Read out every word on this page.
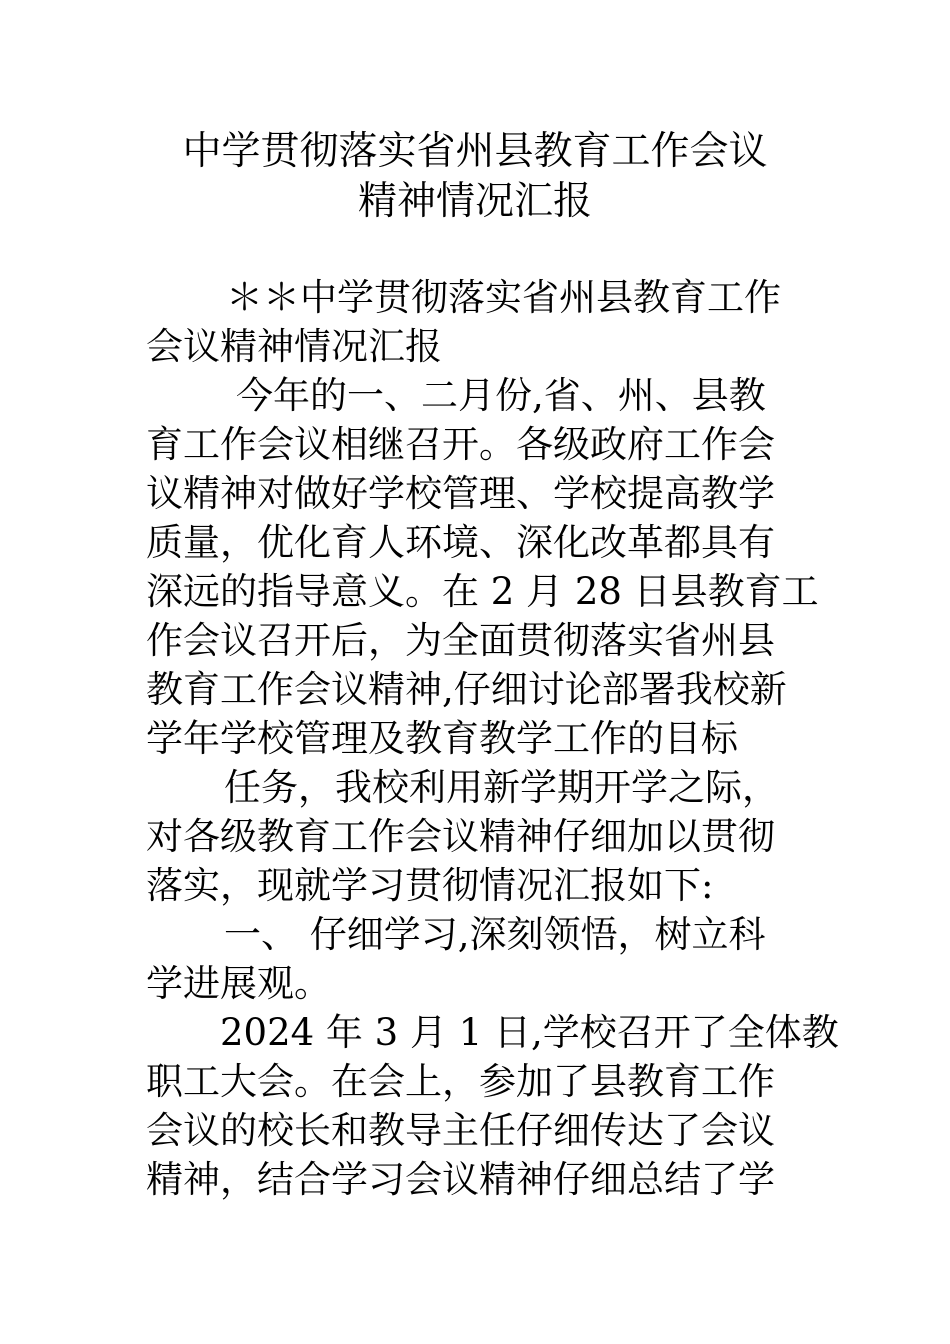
中学贯彻落实省州县教育工作会议
精神情况汇报

＊＊中学贯彻落实省州县教育工作
会议精神情况汇报

今年的一、二月份,省、州、县教
育工作会议相继召开。各级政府工作会
议精神对做好学校管理、学校提高教学
质量，优化育人环境、深化改革都具有
深远的指导意义。在 2 月 28 日县教育工
作会议召开后，为全面贯彻落实省州县
教育工作会议精神,仔细讨论部署我校新
学年学校管理及教育教学工作的目标

任务，我校利用新学期开学之际，
对各级教育工作会议精神仔细加以贯彻
落实，现就学习贯彻情况汇报如下:

一、 仔细学习,深刻领悟，树立科
学进展观。

2024 年 3 月 1 日,学校召开了全体教
职工大会。在会上，参加了县教育工作
会议的校长和教导主任仔细传达了会议
精神，结合学习会议精神仔细总结了学
